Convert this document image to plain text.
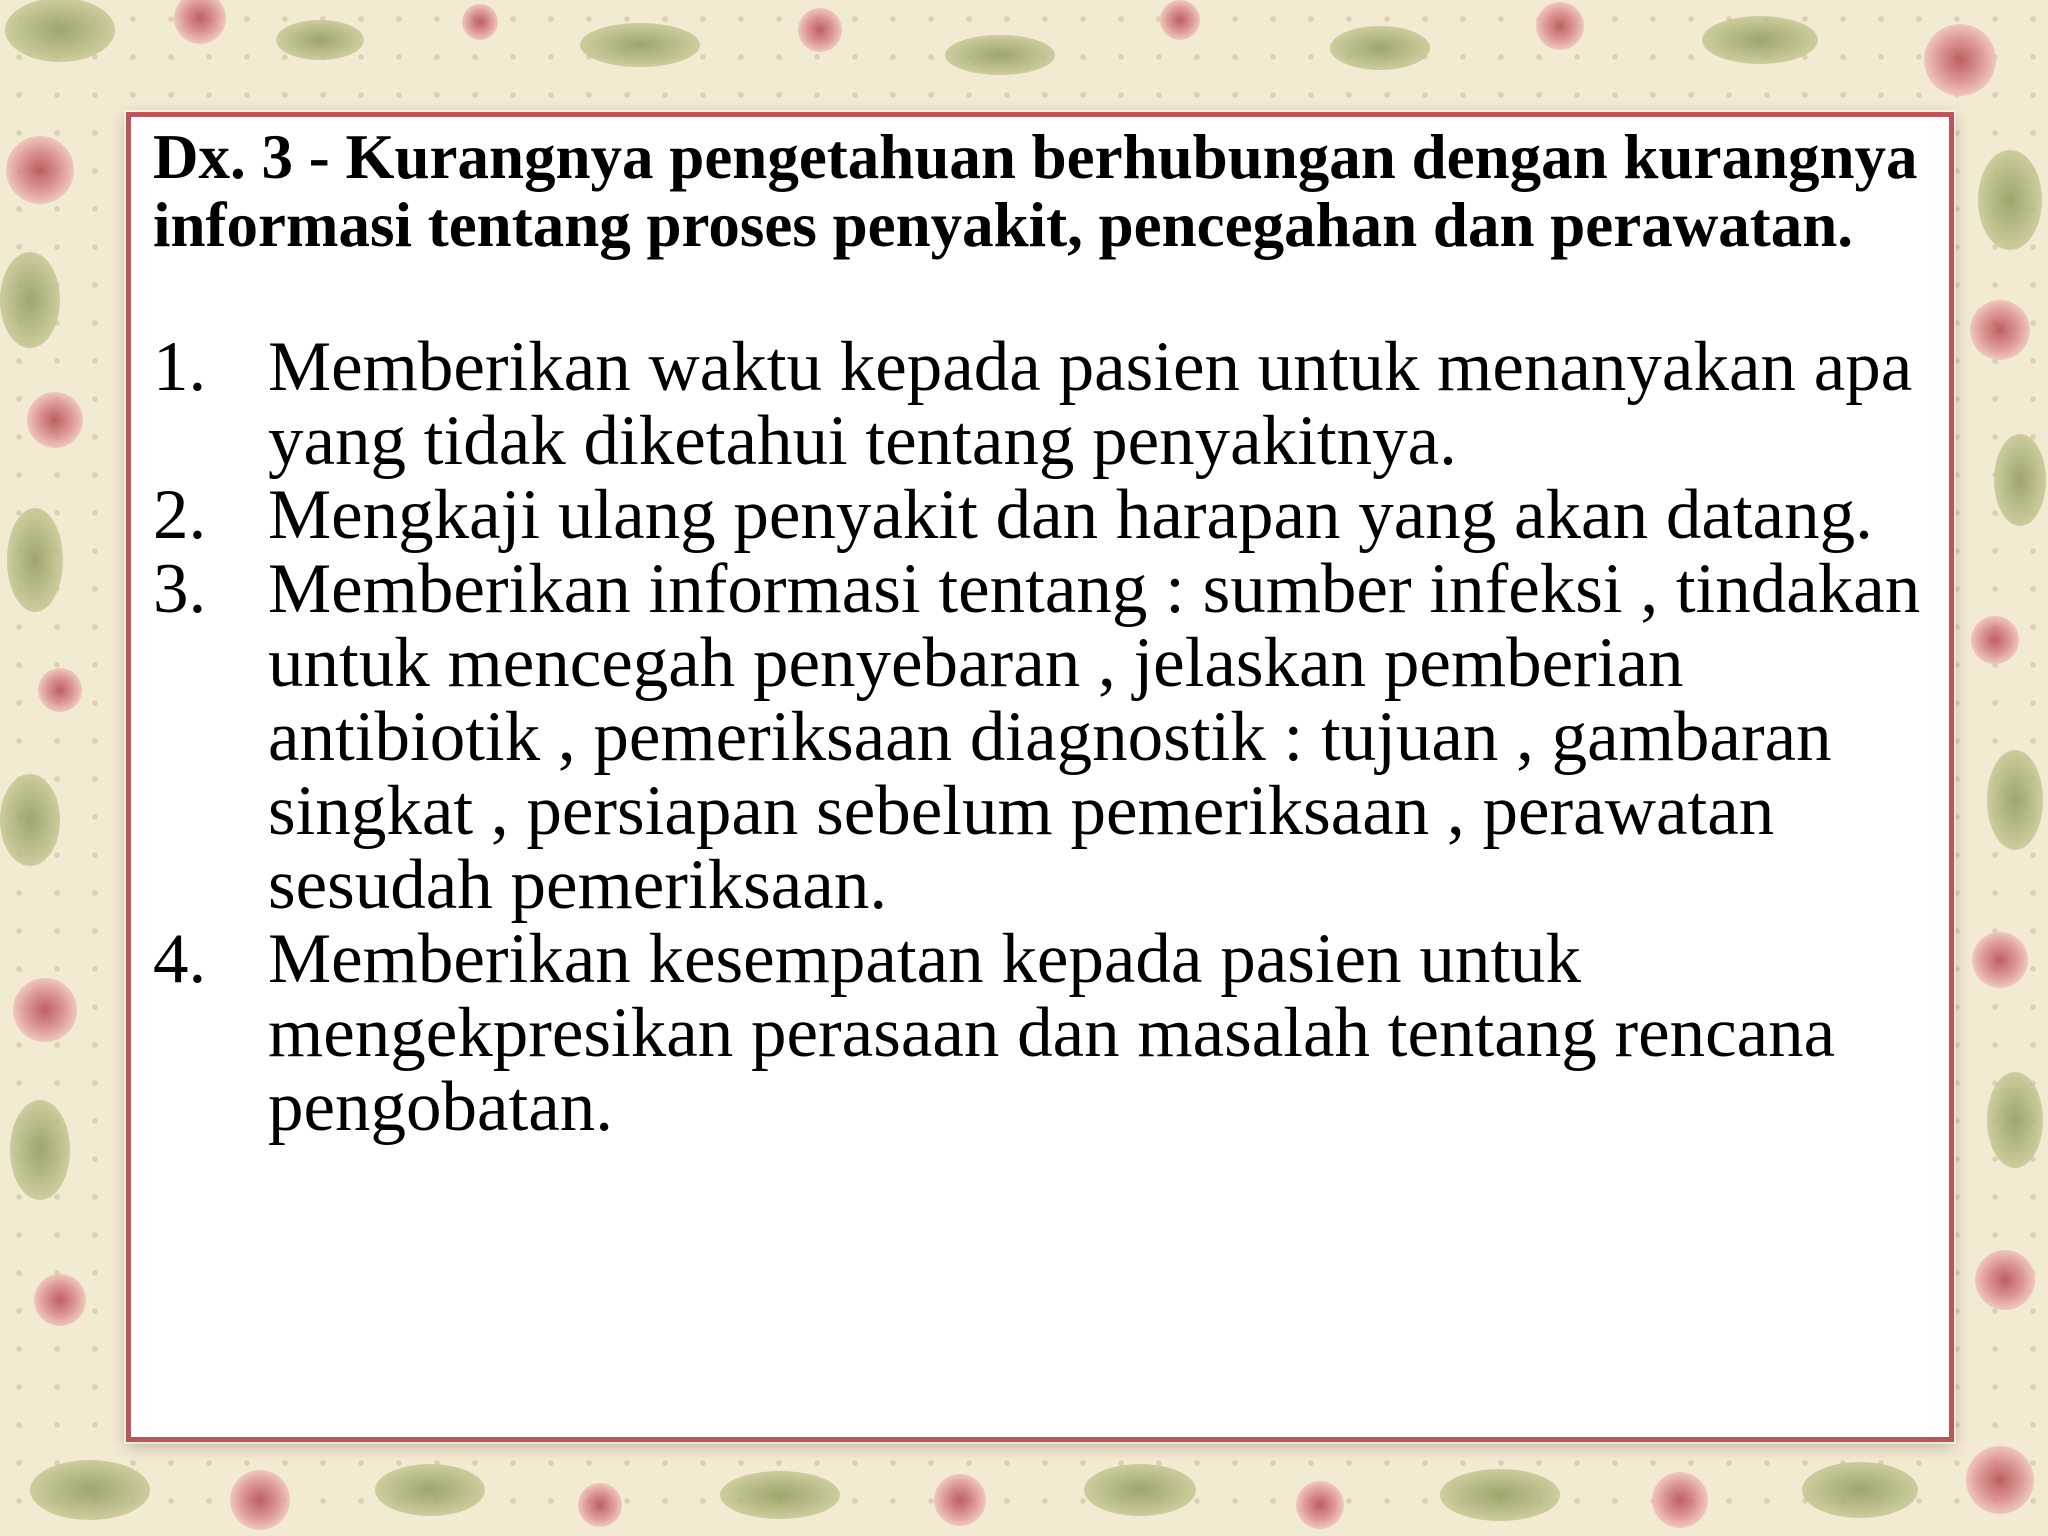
Dx. 3 - Kurangnya pengetahuan berhubungan dengan kurangnya informasi tentang proses penyakit, pencegahan dan perawatan.
1. Memberikan waktu kepada pasien untuk menanyakan apa yang tidak diketahui tentang penyakitnya.
2. Mengkaji ulang penyakit dan harapan yang akan datang.
3. Memberikan informasi tentang : sumber infeksi , tindakan untuk mencegah penyebaran , jelaskan pemberian antibiotik , pemeriksaan diagnostik : tujuan , gambaran singkat , persiapan sebelum pemeriksaan , perawatan sesudah pemeriksaan.
4. Memberikan kesempatan kepada pasien untuk mengekpresikan perasaan dan masalah tentang rencana pengobatan.
